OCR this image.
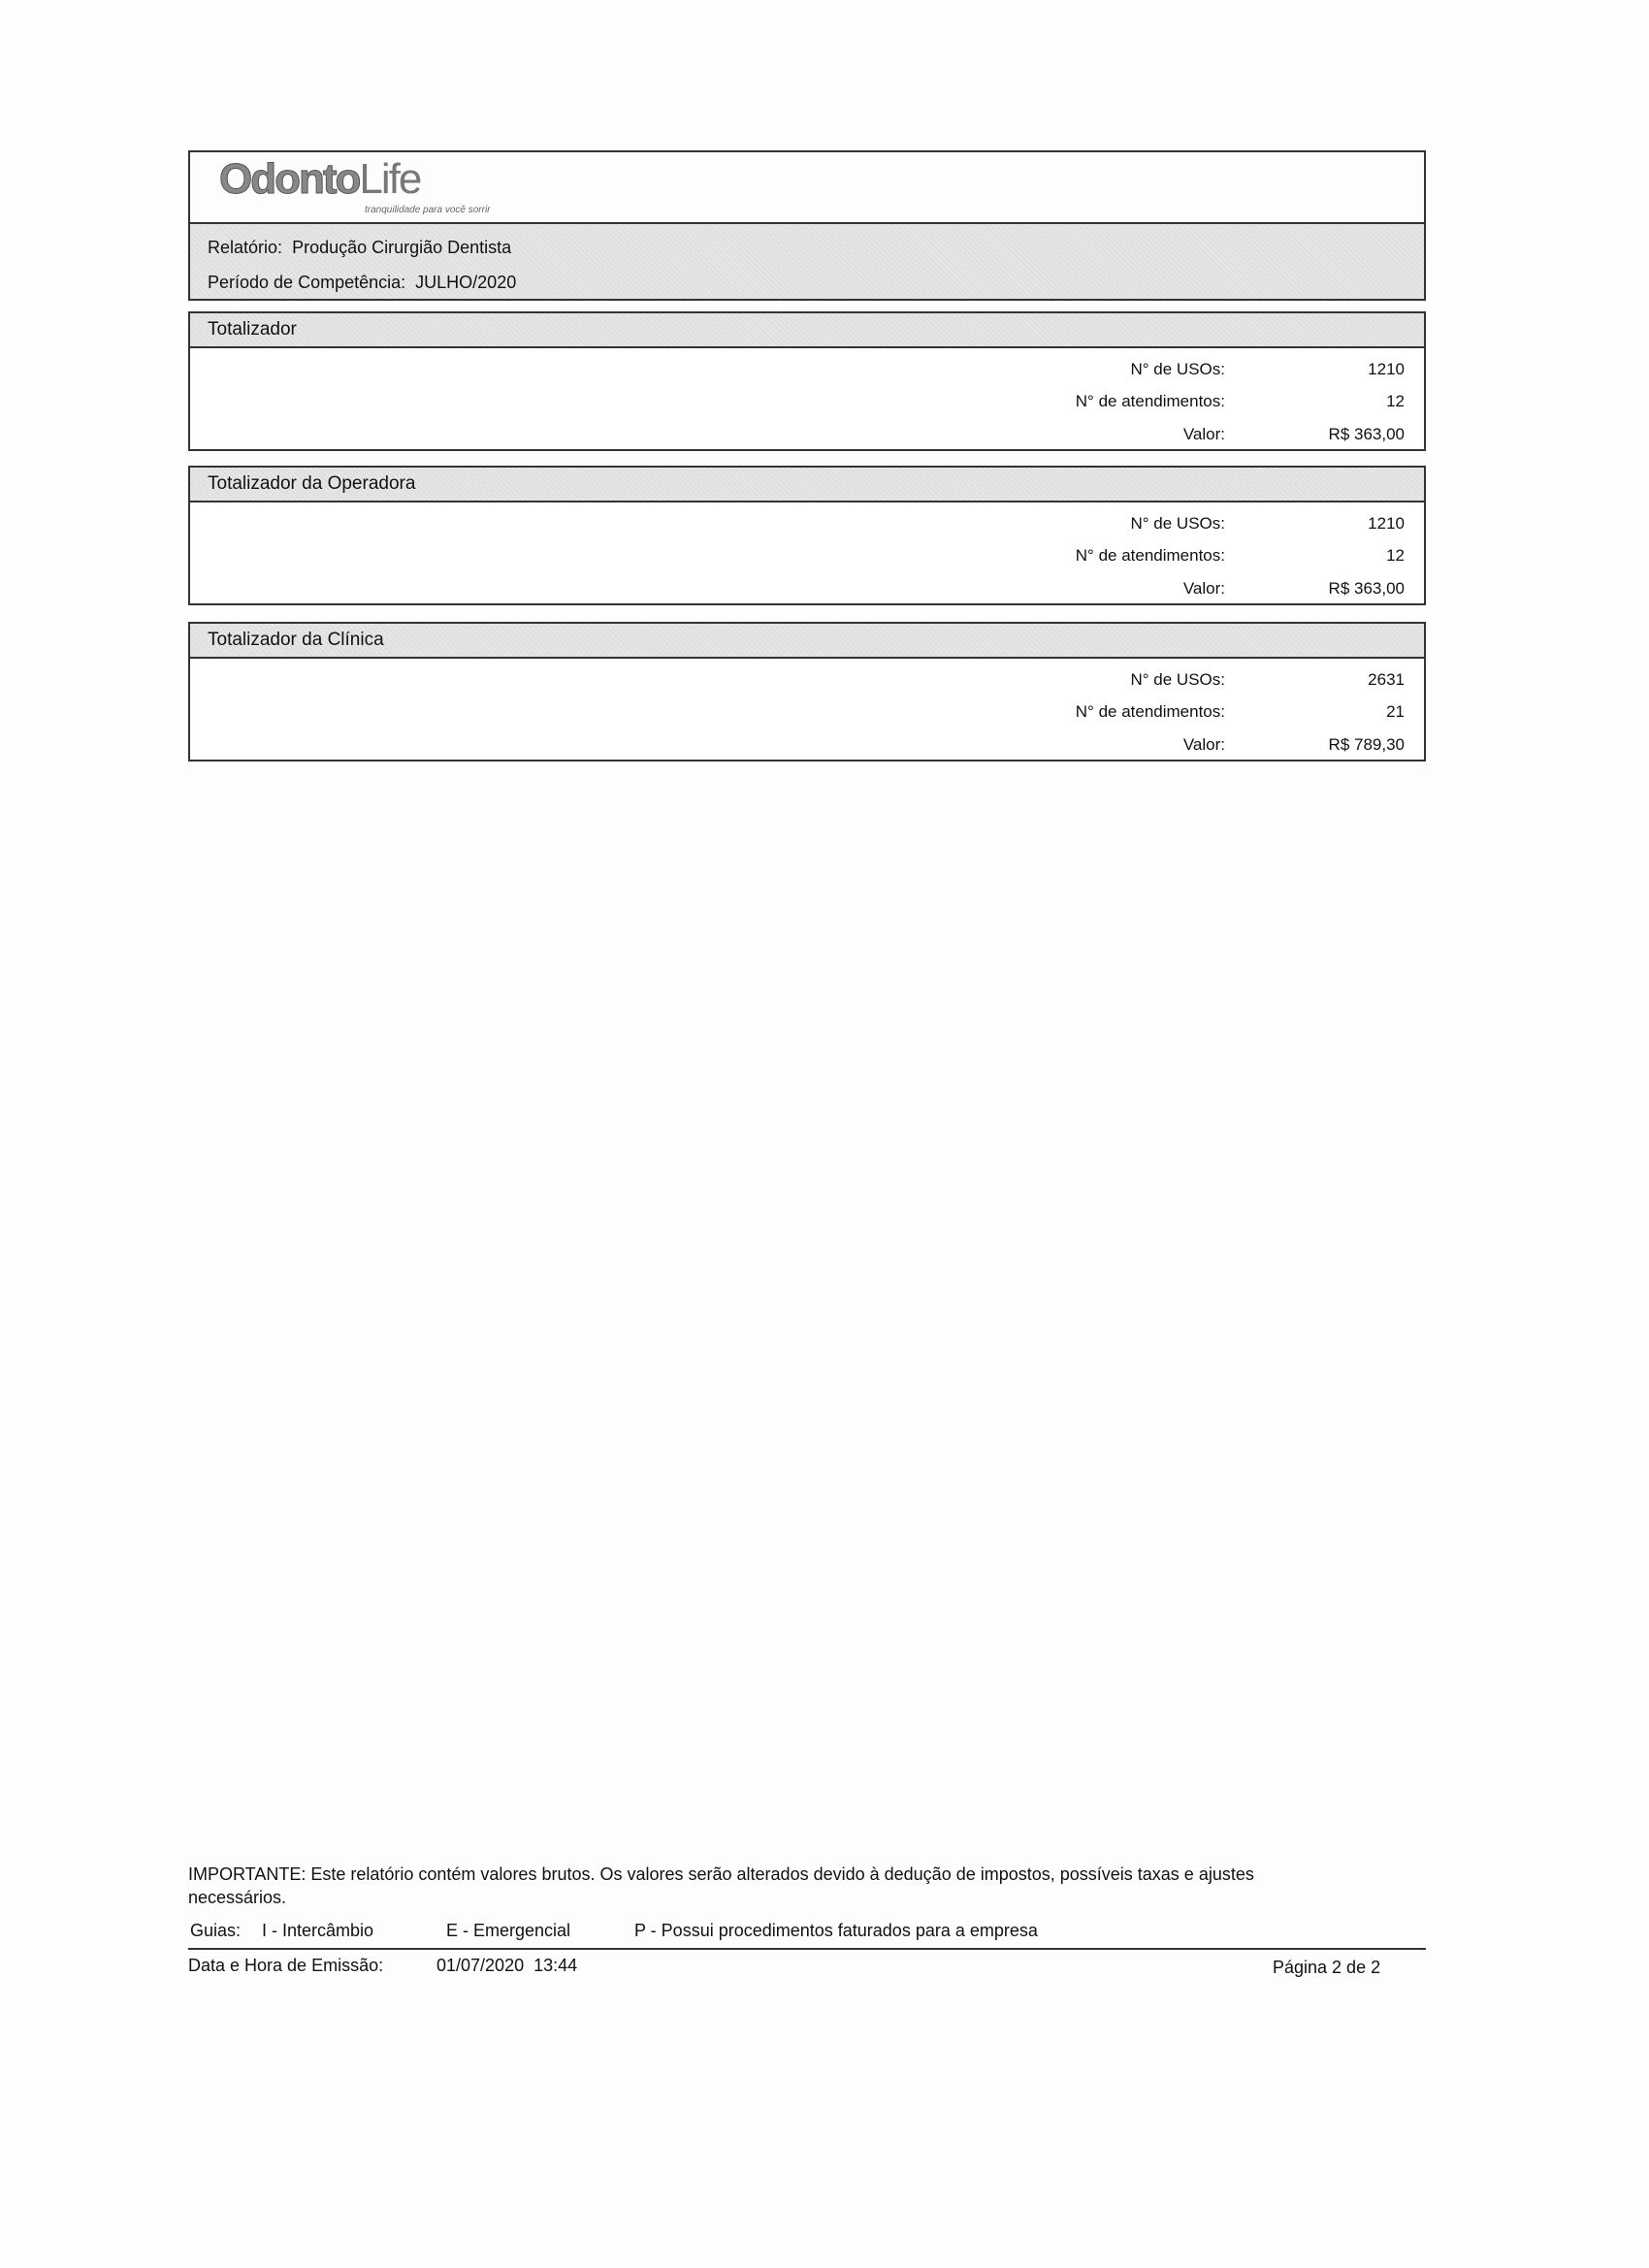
OdontoLife
tranquilidade para você sorrir
Relatório: Produção Cirurgião Dentista
Período de Competência: JULHO/2020
Totalizador
N° de USOs:	1210
N° de atendimentos:	12
Valor:	R$ 363,00
Totalizador da Operadora
N° de USOs:	1210
N° de atendimentos:	12
Valor:	R$ 363,00
Totalizador da Clínica
N° de USOs:	2631
N° de atendimentos:	21
Valor:	R$ 789,30
IMPORTANTE: Este relatório contém valores brutos. Os valores serão alterados devido à dedução de impostos, possíveis taxas e ajustes
necessários.
Guias: I - Intercâmbio	E - Emergencial	P - Possui procedimentos faturados para a empresa
Data e Hora de Emissão:	01/07/2020  13:44	Página 2 de 2
